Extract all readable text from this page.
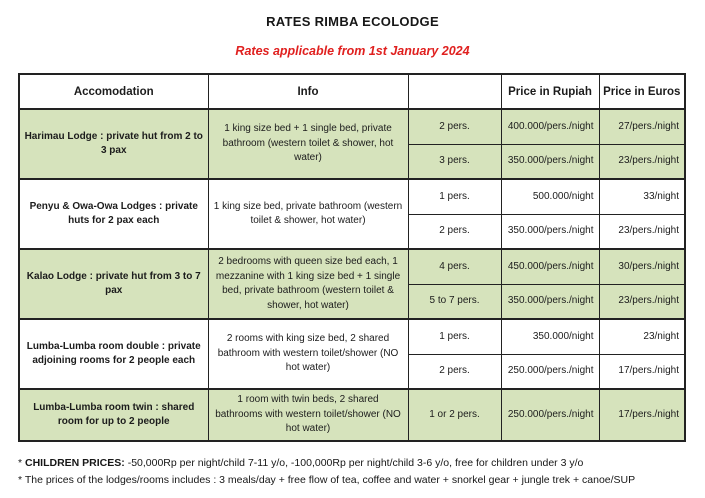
RATES RIMBA ECOLODGE
Rates applicable from 1st January 2024
Accomodation	Info		Price in Rupiah	Price in Euros
Harimau Lodge : private hut from 2 to 3 pax	1 king size bed + 1 single bed, private bathroom (western toilet & shower, hot water)	2 pers.	400.000/pers./night	27/pers./night
		3 pers.	350.000/pers./night	23/pers./night
Penyu & Owa-Owa Lodges : private huts for 2 pax each	1 king size bed, private bathroom (western toilet & shower, hot water)	1 pers.	500.000/night	33/night
		2 pers.	350.000/pers./night	23/pers./night
Kalao Lodge : private hut from 3 to 7 pax	2 bedrooms with queen size bed each, 1 mezzanine with 1 king size bed + 1 single bed, private bathroom (western toilet & shower, hot water)	4 pers.	450.000/pers./night	30/pers./night
		5 to 7 pers.	350.000/pers./night	23/pers./night
Lumba-Lumba room double : private adjoining rooms for 2 people each	2 rooms with king size bed, 2 shared bathroom with western toilet/shower (NO hot water)	1 pers.	350.000/night	23/night
		2 pers.	250.000/pers./night	17/pers./night
Lumba-Lumba room twin : shared room for up to 2 people	1 room with twin beds, 2 shared bathrooms with western toilet/shower (NO hot water)	1 or 2 pers.	250.000/pers./night	17/pers./night
* CHILDREN PRICES: -50,000Rp per night/child 7-11 y/o, -100,000Rp per night/child 3-6 y/o, free for children under 3 y/o
* The prices of the lodges/rooms includes : 3 meals/day + free flow of tea, coffee and water + snorkel gear + jungle trek + canoe/SUP
